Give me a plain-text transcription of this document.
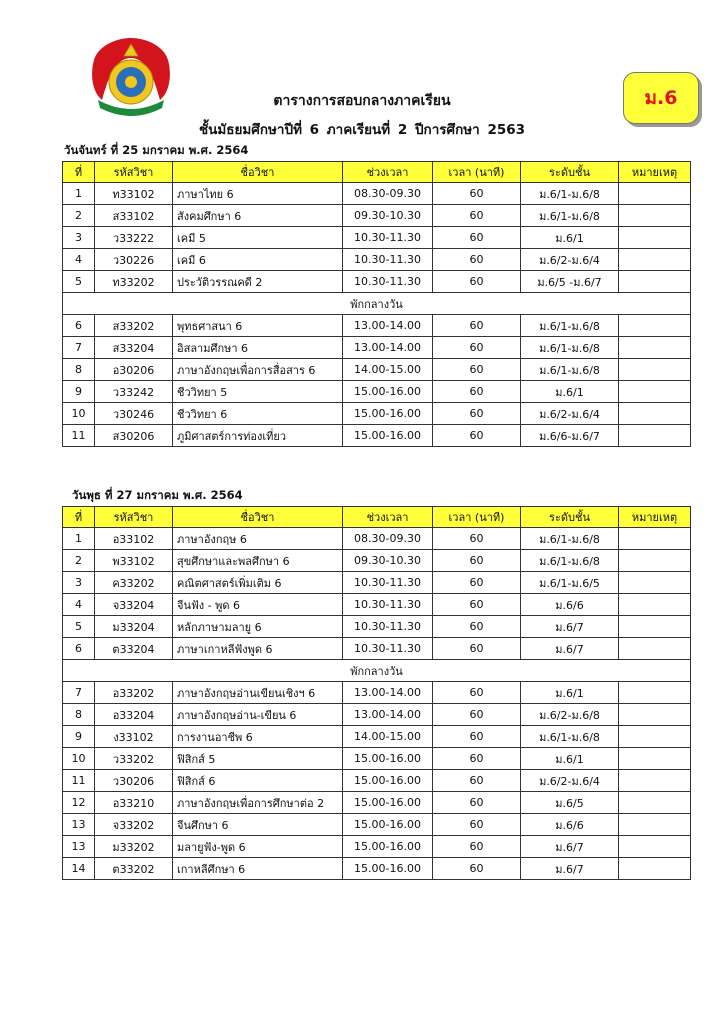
ม.6
ตารางการสอบกลางภาคเรียน
ชั้นมัธยมศึกษาปีที่ 6 ภาคเรียนที่ 2 ปีการศึกษา 2563
วันจันทร์ ที่ 25 มกราคม พ.ศ. 2564
ที่	รหัสวิชา	ชื่อวิชา	ช่วงเวลา	เวลา (นาที)	ระดับชั้น	หมายเหตุ
1	ท33102	ภาษาไทย 6	08.30-09.30	60	ม.6/1-ม.6/8	
2	ส33102	สังคมศึกษา 6	09.30-10.30	60	ม.6/1-ม.6/8	
3	ว33222	เคมี 5	10.30-11.30	60	ม.6/1	
4	ว30226	เคมี 6	10.30-11.30	60	ม.6/2-ม.6/4	
5	ท33202	ประวัติวรรณคดี 2	10.30-11.30	60	ม.6/5 -ม.6/7	
พักกลางวัน						
6	ส33202	พุทธศาสนา 6	13.00-14.00	60	ม.6/1-ม.6/8	
7	ส33204	อิสลามศึกษา 6	13.00-14.00	60	ม.6/1-ม.6/8	
8	อ30206	ภาษาอังกฤษเพื่อการสื่อสาร 6	14.00-15.00	60	ม.6/1-ม.6/8	
9	ว33242	ชีววิทยา 5	15.00-16.00	60	ม.6/1	
10	ว30246	ชีววิทยา 6	15.00-16.00	60	ม.6/2-ม.6/4	
11	ส30206	ภูมิศาสตร์การท่องเที่ยว	15.00-16.00	60	ม.6/6-ม.6/7	
วันพุธ ที่ 27 มกราคม พ.ศ. 2564
ที่	รหัสวิชา	ชื่อวิชา	ช่วงเวลา	เวลา (นาที)	ระดับชั้น	หมายเหตุ
1	อ33102	ภาษาอังกฤษ 6	08.30-09.30	60	ม.6/1-ม.6/8	
2	พ33102	สุขศึกษาและพลศึกษา 6	09.30-10.30	60	ม.6/1-ม.6/8	
3	ค33202	คณิตศาสตร์เพิ่มเติม 6	10.30-11.30	60	ม.6/1-ม.6/5	
4	จ33204	จีนฟัง - พูด 6	10.30-11.30	60	ม.6/6	
5	ม33204	หลักภาษามลายู 6	10.30-11.30	60	ม.6/7	
6	ต33204	ภาษาเกาหลีฟังพูด 6	10.30-11.30	60	ม.6/7	
พักกลางวัน						
7	อ33202	ภาษาอังกฤษอ่านเขียนเชิงฯ 6	13.00-14.00	60	ม.6/1	
8	อ33204	ภาษาอังกฤษอ่าน-เขียน 6	13.00-14.00	60	ม.6/2-ม.6/8	
9	ง33102	การงานอาชีพ 6	14.00-15.00	60	ม.6/1-ม.6/8	
10	ว33202	ฟิสิกส์ 5	15.00-16.00	60	ม.6/1	
11	ว30206	ฟิสิกส์ 6	15.00-16.00	60	ม.6/2-ม.6/4	
12	อ33210	ภาษาอังกฤษเพื่อการศึกษาต่อ 2	15.00-16.00	60	ม.6/5	
13	จ33202	จีนศึกษา 6	15.00-16.00	60	ม.6/6	
13	ม33202	มลายูฟัง-พูด 6	15.00-16.00	60	ม.6/7	
14	ต33202	เกาหลีศึกษา 6	15.00-16.00	60	ม.6/7	
